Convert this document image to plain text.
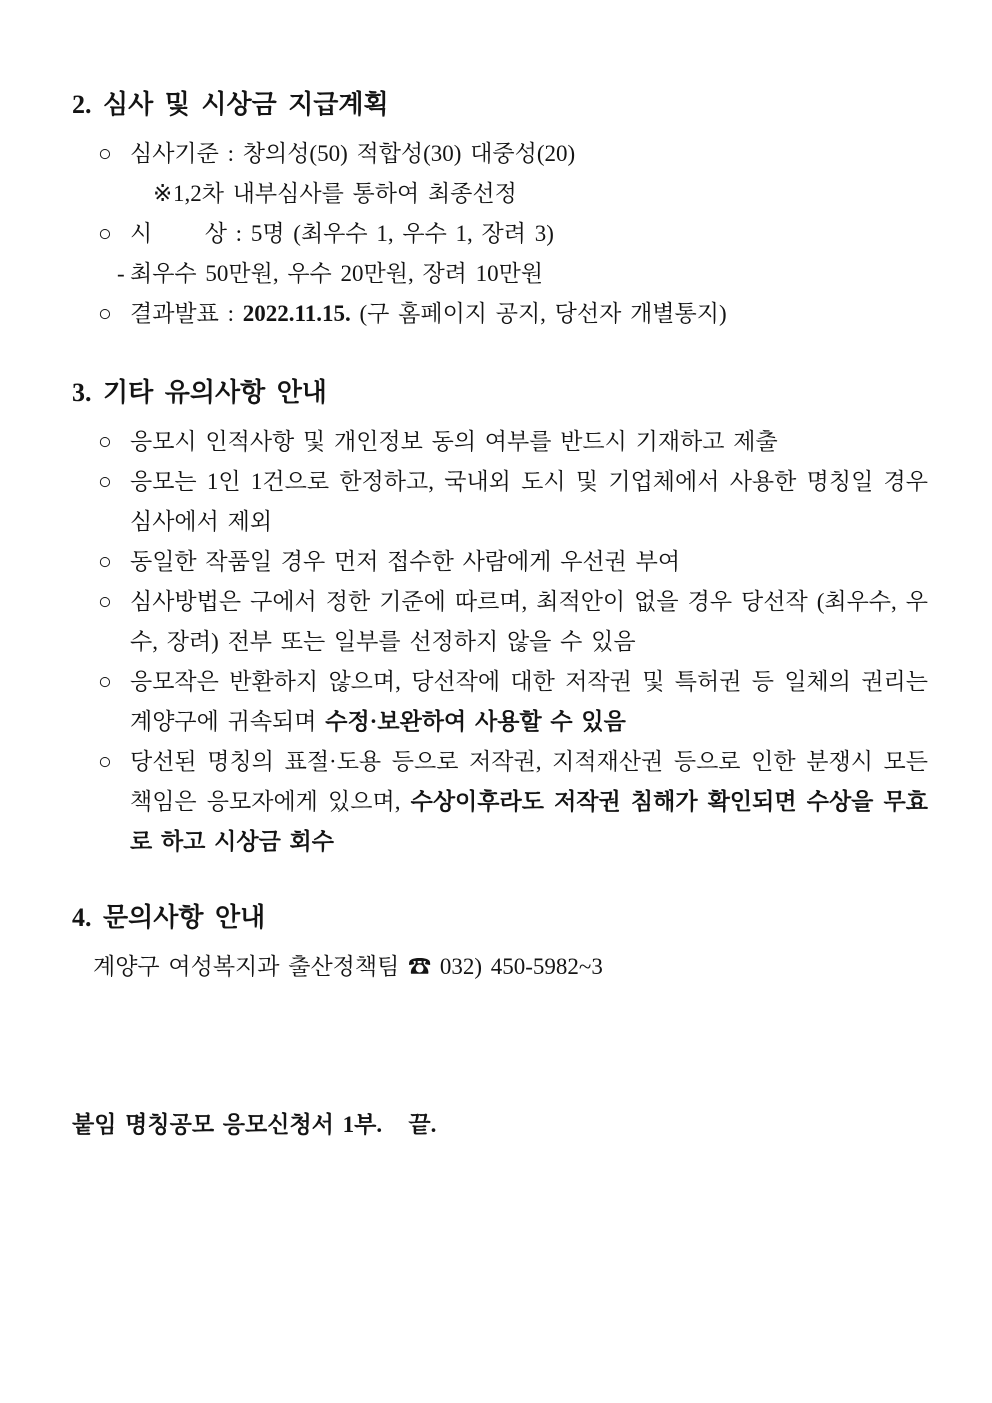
2. 심사 및 시상금 지급계획

○ 심사기준 : 창의성(50) 적합성(30) 대중성(20)

※ 1,2차 내부심사를 통하여 최종선정

○ 시      상 : 5명 (최우수 1, 우수 1, 장려 3)

- 최우수 50만원, 우수 20만원, 장려 10만원

○ 결과발표 : 2022.11.15. (구 홈페이지 공지, 당선자 개별통지)

3. 기타 유의사항 안내

○ 응모시 인적사항 및 개인정보 동의 여부를 반드시 기재하고 제출

○ 응모는 1인 1건으로 한정하고, 국내외 도시 및 기업체에서 사용한 명칭일 경우 심사에서 제외

○ 동일한 작품일 경우 먼저 접수한 사람에게 우선권 부여

○ 심사방법은 구에서 정한 기준에 따르며, 최적안이 없을 경우 당선작 (최우수, 우수, 장려) 전부 또는 일부를 선정하지 않을 수 있음

○ 응모작은 반환하지 않으며, 당선작에 대한 저작권 및 특허권 등 일체의 권리는 계양구에 귀속되며 수정·보완하여 사용할 수 있음

○ 당선된 명칭의 표절·도용 등으로 저작권, 지적재산권 등으로 인한 분쟁시 모든 책임은 응모자에게 있으며, 수상이후라도 저작권 침해가 확인되면 수상을 무효로 하고 시상금 회수

4. 문의사항 안내

계양구 여성복지과 출산정책팀 ☎ 032) 450-5982~3

붙임 명칭공모 응모신청서 1부.   끝.
